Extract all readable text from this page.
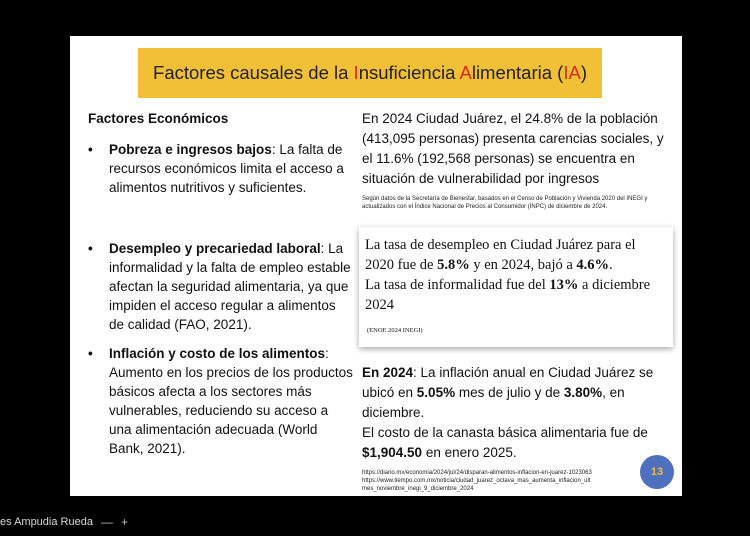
Factores causales de la Insuficiencia Alimentaria (IA)
Factores Económicos
• Pobreza e ingresos bajos: La falta de recursos económicos limita el acceso a alimentos nutritivos y suficientes.
• Desempleo y precariedad laboral: La informalidad y la falta de empleo estable afectan la seguridad alimentaria, ya que impiden el acceso regular a alimentos de calidad (FAO, 2021).
• Inflación y costo de los alimentos:
Aumento en los precios de los productos básicos afecta a los sectores más vulnerables, reduciendo su acceso a una alimentación adecuada (World Bank, 2021).
En 2024 Ciudad Juárez, el 24.8% de la población (413,095 personas) presenta carencias sociales, y el 11.6% (192,568 personas) se encuentra en situación de vulnerabilidad por ingresos
Según datos de la Secretaría de Bienestar, basados en el Censo de Población y Vivienda 2020 del INEGI y actualizados con el Índice Nacional de Precios al Consumidor (INPC) de diciembre de 2024.
La tasa de desempleo en Ciudad Juárez para el 2020 fue de 5.8% y en 2024, bajó a 4.6%.
La tasa de informalidad fue del 13% a diciembre 2024
(ENOE 2024 INEGI)
En 2024: La inflación anual en Ciudad Juárez se ubicó en 5.05% mes de julio y de 3.80%, en diciembre.
El costo de la canasta básica alimentaria fue de $1,904.50 en enero 2025.
https://diario.mx/economia/2024/jul/24/disparan-alimentos-inflacion-en-juarez-1023063
https://www.tiempo.com.mx/noticia/ciudad_juarez_octava_mas_aumenta_inflacion_ult mes_noviembre_inegi_9_diciembre_2024
13
es Ampudia Rueda — +
